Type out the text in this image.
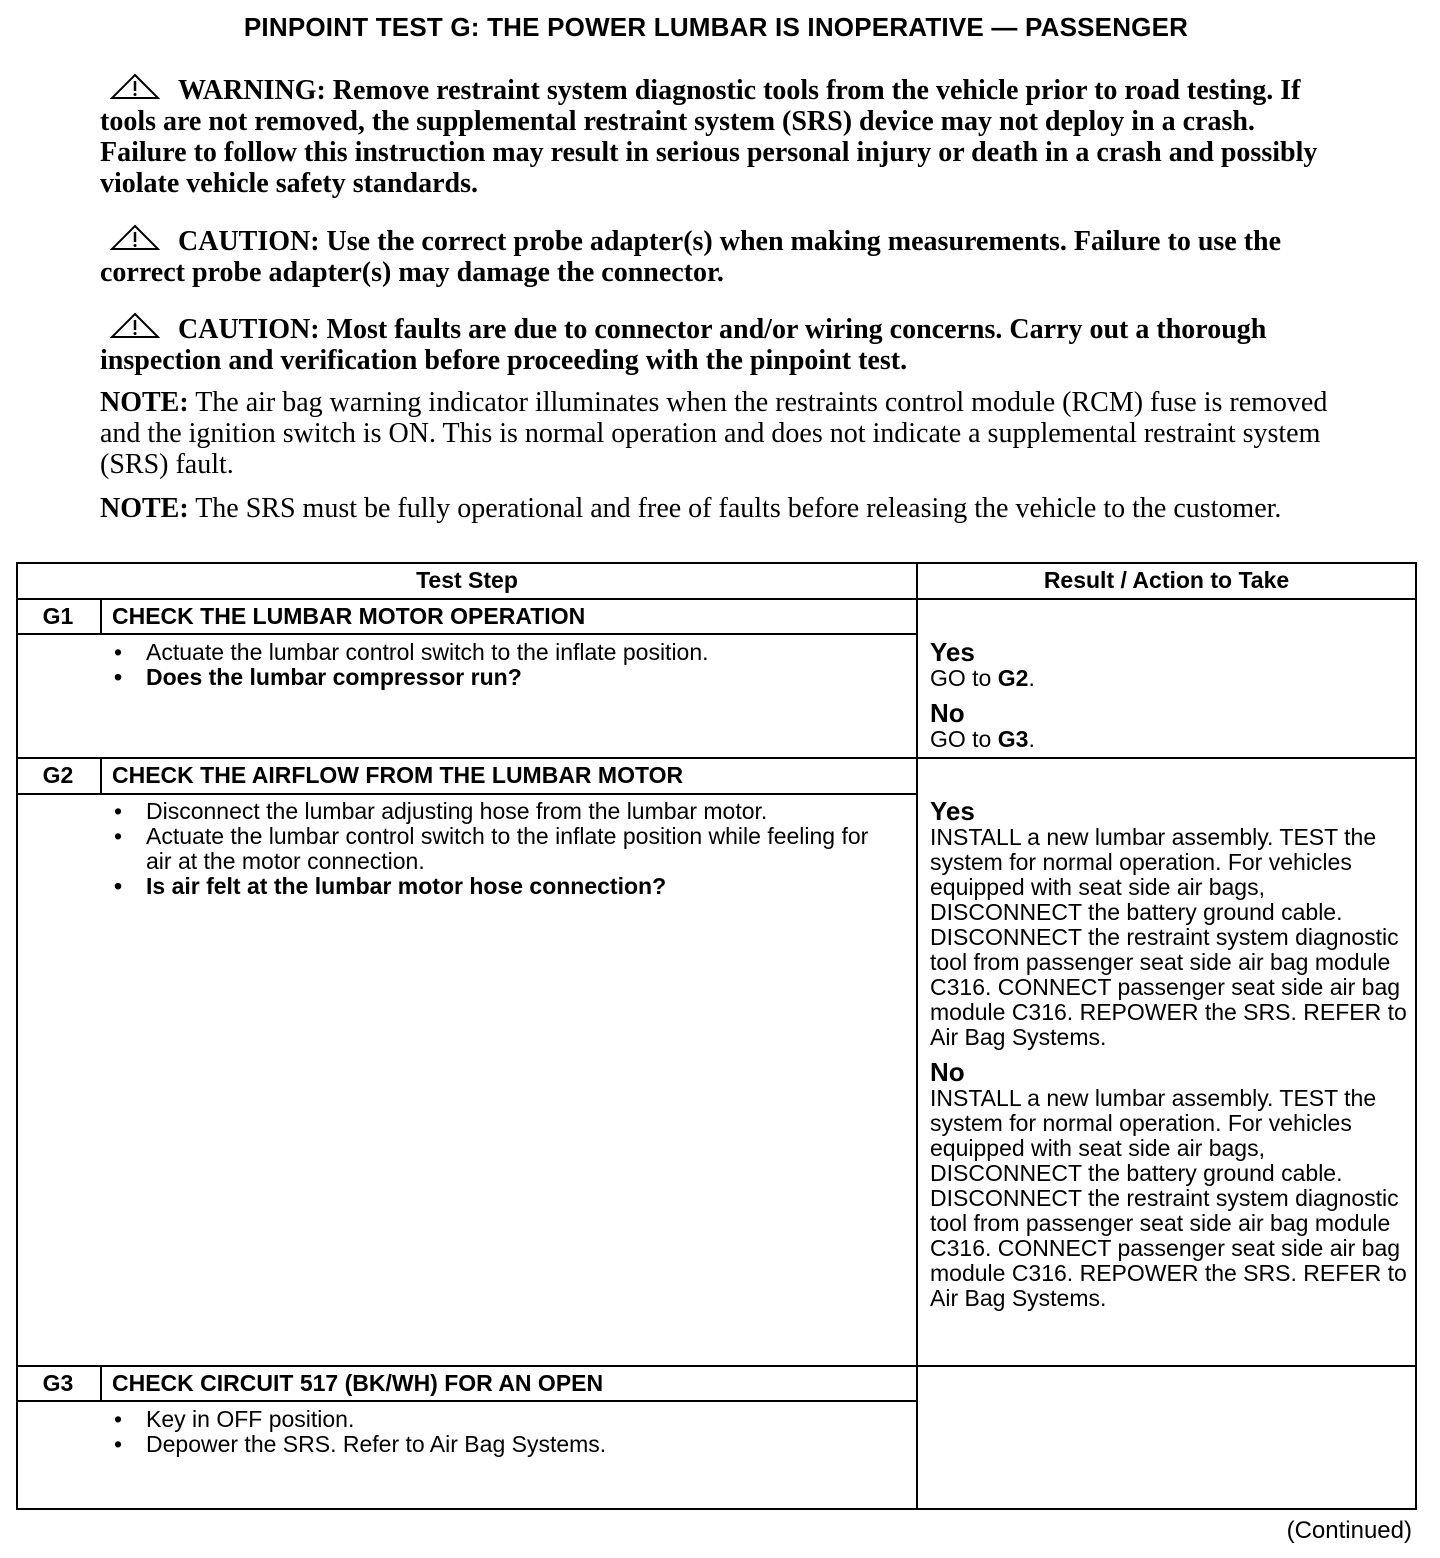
PINPOINT TEST G: THE POWER LUMBAR IS INOPERATIVE — PASSENGER
WARNING: Remove restraint system diagnostic tools from the vehicle prior to road testing. If tools are not removed, the supplemental restraint system (SRS) device may not deploy in a crash. Failure to follow this instruction may result in serious personal injury or death in a crash and possibly violate vehicle safety standards.
CAUTION: Use the correct probe adapter(s) when making measurements. Failure to use the correct probe adapter(s) may damage the connector.
CAUTION: Most faults are due to connector and/or wiring concerns. Carry out a thorough inspection and verification before proceeding with the pinpoint test.
NOTE: The air bag warning indicator illuminates when the restraints control module (RCM) fuse is removed and the ignition switch is ON. This is normal operation and does not indicate a supplemental restraint system (SRS) fault.
NOTE: The SRS must be fully operational and free of faults before releasing the vehicle to the customer.
Test Step	Result / Action to Take
G1	CHECK THE LUMBAR MOTOR OPERATION
• Actuate the lumbar control switch to the inflate position.
• Does the lumbar compressor run?
Yes
GO to G2.
No
GO to G3.
G2	CHECK THE AIRFLOW FROM THE LUMBAR MOTOR
• Disconnect the lumbar adjusting hose from the lumbar motor.
• Actuate the lumbar control switch to the inflate position while feeling for air at the motor connection.
• Is air felt at the lumbar motor hose connection?
Yes
INSTALL a new lumbar assembly. TEST the system for normal operation. For vehicles equipped with seat side air bags, DISCONNECT the battery ground cable. DISCONNECT the restraint system diagnostic tool from passenger seat side air bag module C316. CONNECT passenger seat side air bag module C316. REPOWER the SRS. REFER to Air Bag Systems.
No
INSTALL a new lumbar assembly. TEST the system for normal operation. For vehicles equipped with seat side air bags, DISCONNECT the battery ground cable. DISCONNECT the restraint system diagnostic tool from passenger seat side air bag module C316. CONNECT passenger seat side air bag module C316. REPOWER the SRS. REFER to Air Bag Systems.
G3	CHECK CIRCUIT 517 (BK/WH) FOR AN OPEN
• Key in OFF position.
• Depower the SRS. Refer to Air Bag Systems.
(Continued)
